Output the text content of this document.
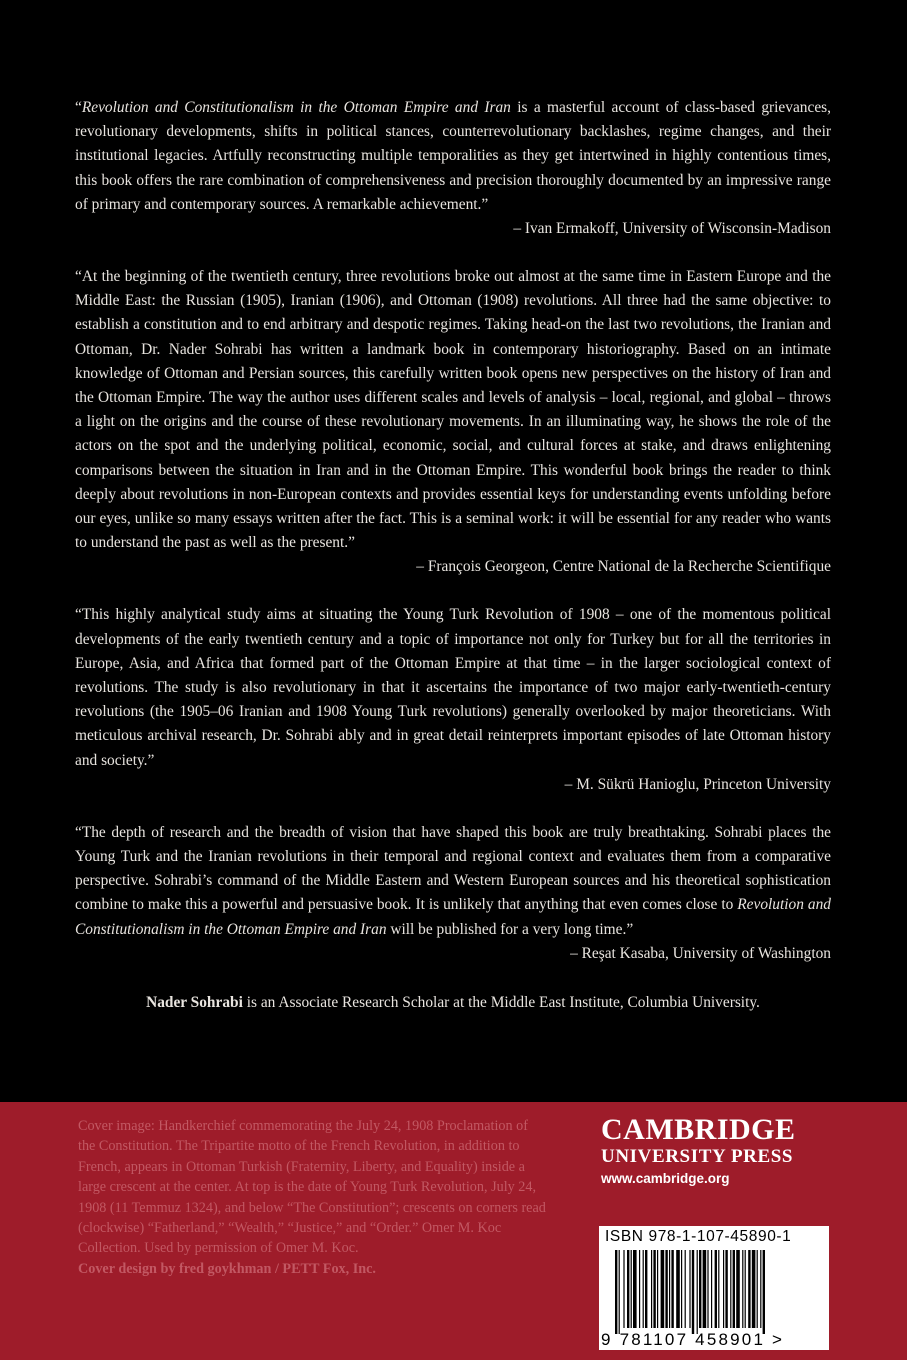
“Revolution and Constitutionalism in the Ottoman Empire and Iran is a masterful account of class-based grievances, revolutionary developments, shifts in political stances, counterrevolutionary backlashes, regime changes, and their institutional legacies. Artfully reconstructing multiple temporalities as they get intertwined in highly contentious times, this book offers the rare combination of comprehensiveness and precision thoroughly documented by an impressive range of primary and contemporary sources. A remarkable achievement.”

– Ivan Ermakoff, University of Wisconsin-Madison

“At the beginning of the twentieth century, three revolutions broke out almost at the same time in Eastern Europe and the Middle East: the Russian (1905), Iranian (1906), and Ottoman (1908) revolutions. All three had the same objective: to establish a constitution and to end arbitrary and despotic regimes. Taking head-on the last two revolutions, the Iranian and Ottoman, Dr. Nader Sohrabi has written a landmark book in contemporary historiography. Based on an intimate knowledge of Ottoman and Persian sources, this carefully written book opens new perspectives on the history of Iran and the Ottoman Empire. The way the author uses different scales and levels of analysis – local, regional, and global – throws a light on the origins and the course of these revolutionary movements. In an illuminating way, he shows the role of the actors on the spot and the underlying political, economic, social, and cultural forces at stake, and draws enlightening comparisons between the situation in Iran and in the Ottoman Empire. This wonderful book brings the reader to think deeply about revolutions in non-European contexts and provides essential keys for understanding events unfolding before our eyes, unlike so many essays written after the fact. This is a seminal work: it will be essential for any reader who wants to understand the past as well as the present.”

– François Georgeon, Centre National de la Recherche Scientifique

“This highly analytical study aims at situating the Young Turk Revolution of 1908 – one of the momentous political developments of the early twentieth century and a topic of importance not only for Turkey but for all the territories in Europe, Asia, and Africa that formed part of the Ottoman Empire at that time – in the larger sociological context of revolutions. The study is also revolutionary in that it ascertains the importance of two major early-twentieth-century revolutions (the 1905–06 Iranian and 1908 Young Turk revolutions) generally overlooked by major theoreticians. With meticulous archival research, Dr. Sohrabi ably and in great detail reinterprets important episodes of late Ottoman history and society.”

– M. Sükrü Hanioglu, Princeton University

“The depth of research and the breadth of vision that have shaped this book are truly breathtaking. Sohrabi places the Young Turk and the Iranian revolutions in their temporal and regional context and evaluates them from a comparative perspective. Sohrabi’s command of the Middle Eastern and Western European sources and his theoretical sophistication combine to make this a powerful and persuasive book. It is unlikely that anything that even comes close to Revolution and Constitutionalism in the Ottoman Empire and Iran will be published for a very long time.”

– Reşat Kasaba, University of Washington
Nader Sohrabi is an Associate Research Scholar at the Middle East Institute, Columbia University.
Cover image: Handkerchief commemorating the July 24, 1908 Proclamation of the Constitution. The Tripartite motto of the French Revolution, in addition to French, appears in Ottoman Turkish (Fraternity, Liberty, and Equality) inside a large crescent at the center. At top is the date of Young Turk Revolution, July 24, 1908 (11 Temmuz 1324), and below “The Constitution”; crescents on corners read (clockwise) “Fatherland,” “Wealth,” “Justice,” and “Order.” Omer M. Koc Collection. Used by permission of Omer M. Koc.
Cover design by fred goykhman / PETT Fox, Inc.
CAMBRIDGE
UNIVERSITY PRESS
www.cambridge.org
ISBN 978-1-107-45890-1
9 781107 458901 >
